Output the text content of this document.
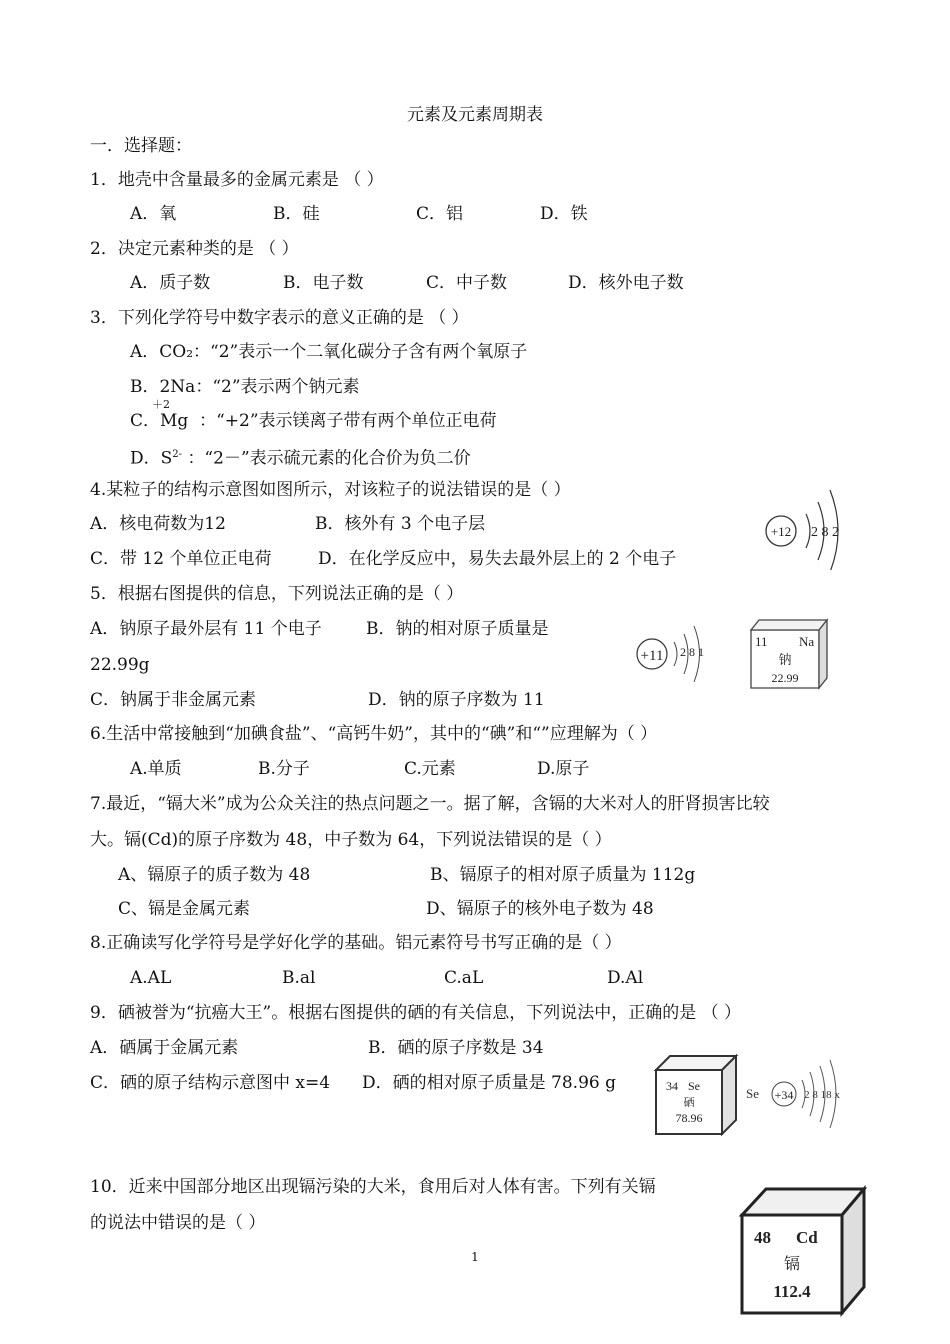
元素及元素周期表
一．选择题：
1．地壳中含量最多的金属元素是 （ ）
A．氧	B．硅	C．铝	D．铁
2．决定元素种类的是 （ ）
A．质子数	B．电子数	C．中子数	D．核外电子数
3．下列化学符号中数字表示的意义正确的是 （ ）
A．CO₂：“2”表示一个二氧化碳分子含有两个氧原子
B．2Na：“2”表示两个钠元素
＋2
C．Mg ：“+2”表示镁离子带有两个单位正电荷
D．$S^{2-}$ ：“2－”表示硫元素的化合价为负二价
4.某粒子的结构示意图如图所示，对该粒子的说法错误的是（ ）
A．核电荷数为12	B．核外有 3 个电子层
C．带 12 个单位正电荷	D．在化学反应中，易失去最外层上的 2 个电子
+12 2 8 2
5．根据右图提供的信息，下列说法正确的是（ ）
A．钠原子最外层有 11 个电子	B．钠的相对原子质量是
22.99g
C．钠属于非金属元素	D．钠的原子序数为 11
+11 2 8 1
11 Na
钠
22.99
6.生活中常接触到“加碘食盐”、“高钙牛奶”，其中的“碘”和“”应理解为（ ）
A.单质	B.分子	C.元素	D.原子
7.最近，“镉大米”成为公众关注的热点问题之一。据了解，含镉的大米对人的肝肾损害比较
大。镉(Cd)的原子序数为 48，中子数为 64，下列说法错误的是（ ）
A、镉原子的质子数为 48	B、镉原子的相对原子质量为 112g
C、镉是金属元素	D、镉原子的核外电子数为 48
8.正确读写化学符号是学好化学的基础。铝元素符号书写正确的是（ ）
A.AL	B.al	C.aL	D.Al
9．硒被誉为“抗癌大王”。根据右图提供的硒的有关信息，下列说法中，正确的是 （ ）
A．硒属于金属元素	B．硒的原子序数是 34
C．硒的原子结构示意图中 x=4 D．硒的相对原子质量是 78.96 g	34 Se
硒
78.96
Se +34 2 8 18 x
10．近来中国部分地区出现镉污染的大米，食用后对人体有害。下列有关镉
的说法中错误的是（ ）
48 Cd
镉
112.4
1
